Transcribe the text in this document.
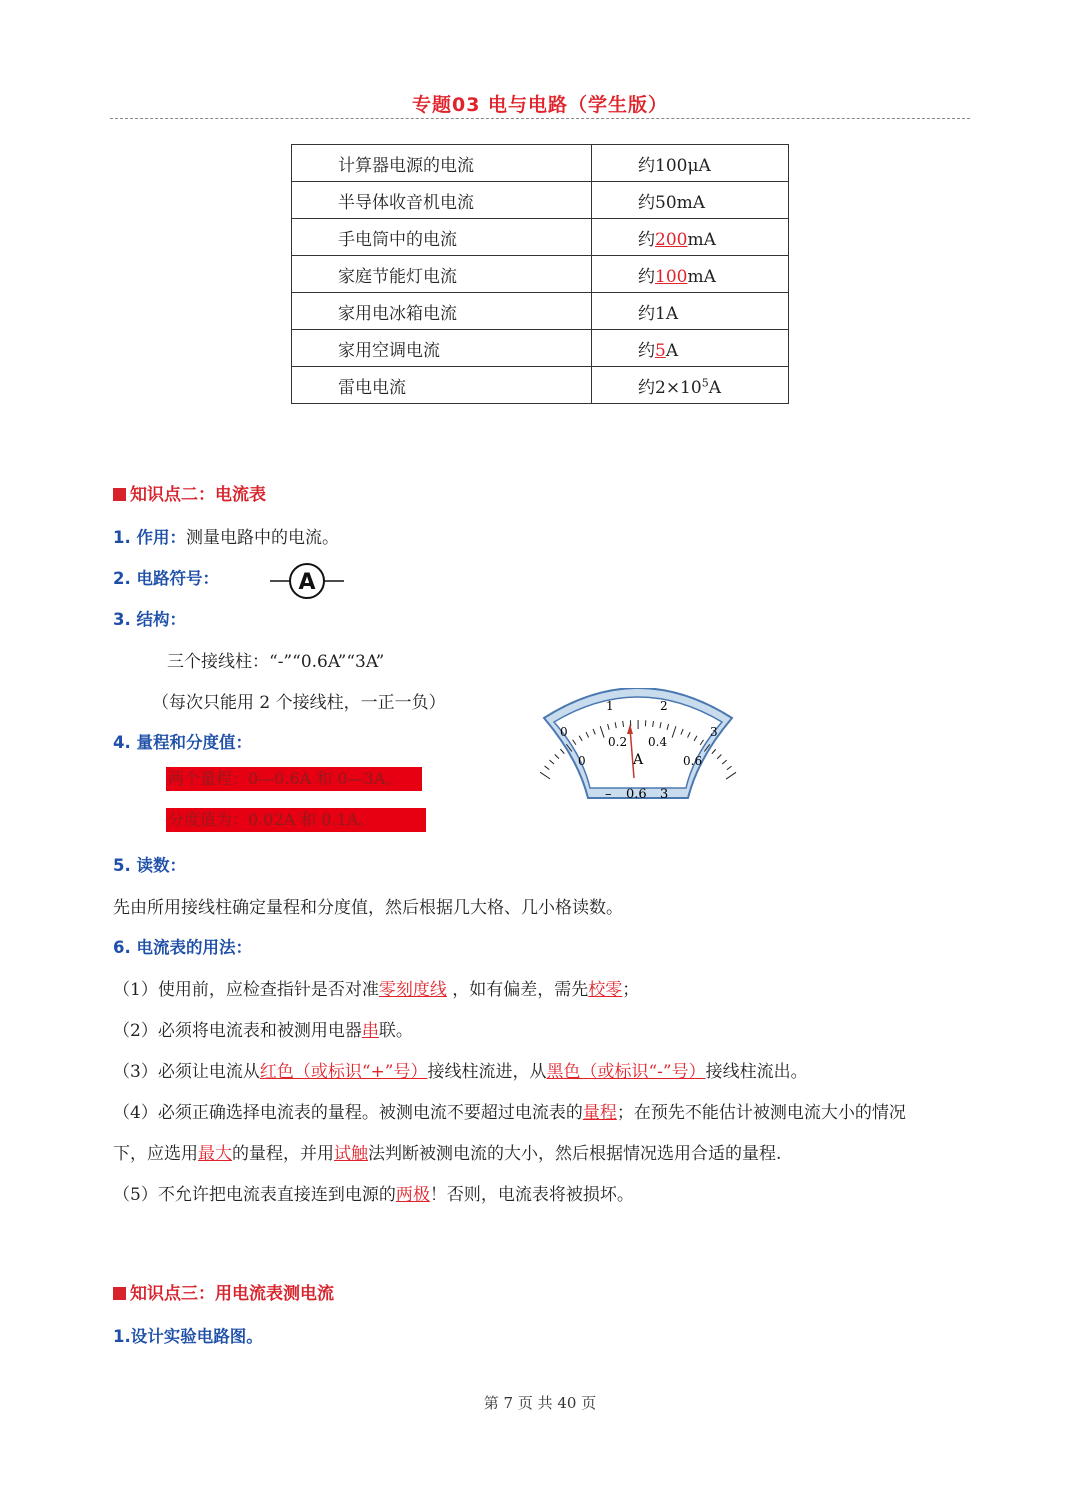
专题03 电与电路（学生版）
计算器电源的电流	约100μA
半导体收音机电流	约50mA
手电筒中的电流	约200mA
家庭节能灯电流	约100mA
家用电冰箱电流	约1A
家用空调电流	约5A
雷电电流	约$2\times 10^5A$
知识点二：电流表
1. 作用：测量电路中的电流。
2. 电路符号：	A
3. 结构：
三个接线柱：“-”“0.6A”“3A”
（每次只能用 2 个接线柱，一正一负）
4. 量程和分度值：
两个量程：0—0.6A 和 0—3A。
分度值为：0.02A 和 0.1A。
0
1	2
3
0
0.2 0.4
0.6
A
– 0.6 3
5. 读数：
先由所用接线柱确定量程和分度值，然后根据几大格、几小格读数。
6. 电流表的用法：
（1）使用前，应检查指针是否对准零刻度线 ，如有偏差，需先校零；
（2）必须将电流表和被测用电器串联。
（3）必须让电流从红色（或标识“+”号）接线柱流进，从黑色（或标识“-”号）接线柱流出。
（4）必须正确选择电流表的量程。被测电流不要超过电流表的量程；在预先不能估计被测电流大小的情况
下，应选用最大的量程，并用试触法判断被测电流的大小，然后根据情况选用合适的量程.
（5）不允许把电流表直接连到电源的两极！否则，电流表将被损坏。
知识点三：用电流表测电流
1.设计实验电路图。
第 7 页 共 40 页
